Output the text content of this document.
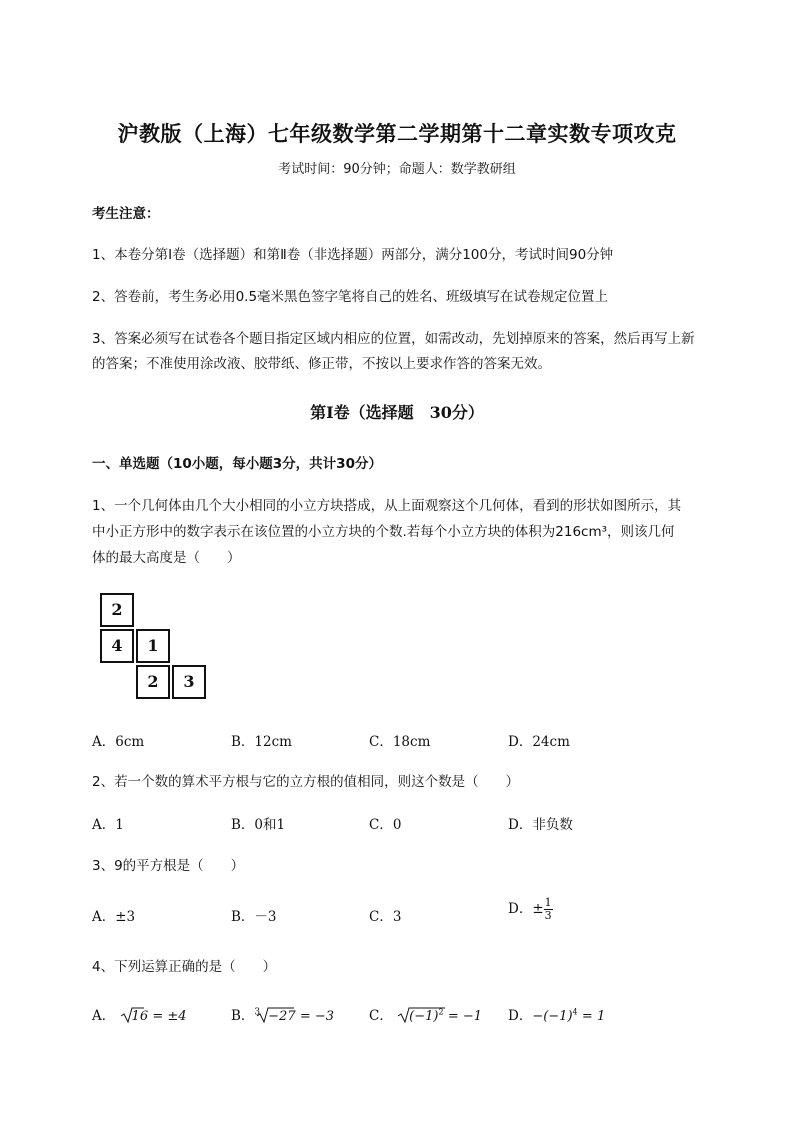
沪教版（上海）七年级数学第二学期第十二章实数专项攻克
考试时间：90分钟；命题人：数学教研组
考生注意：
1、本卷分第I卷（选择题）和第Ⅱ卷（非选择题）两部分，满分100分，考试时间90分钟
2、答卷前，考生务必用0.5毫米黑色签字笔将自己的姓名、班级填写在试卷规定位置上
3、答案必须写在试卷各个题目指定区域内相应的位置，如需改动，先划掉原来的答案，然后再写上新
的答案；不准使用涂改液、胶带纸、修正带，不按以上要求作答的答案无效。
第I卷（选择题　30分）
一、单选题（10小题，每小题3分，共计30分）
1、一个几何体由几个大小相同的小立方块搭成，从上面观察这个几何体，看到的形状如图所示，其
中小正方形中的数字表示在该位置的小立方块的个数.若每个小立方块的体积为216cm³，则该几何
体的最大高度是（　　）
2
4	1
2	3
A．6cm	B．12cm	C．18cm	D．24cm
2、若一个数的算术平方根与它的立方根的值相同，则这个数是（　　）
A．1	B．0和1	C．0	D．非负数
3、9的平方根是（　　）
A．±3	B．－3	C．3	D．± $\frac{1}{3}$
4、下列运算正确的是（　　）
A． 16 = ±4	B．$^3$ −27 = −3	C． $(-1)^2 = -1$ D．$-(-1)^4 = 1$
